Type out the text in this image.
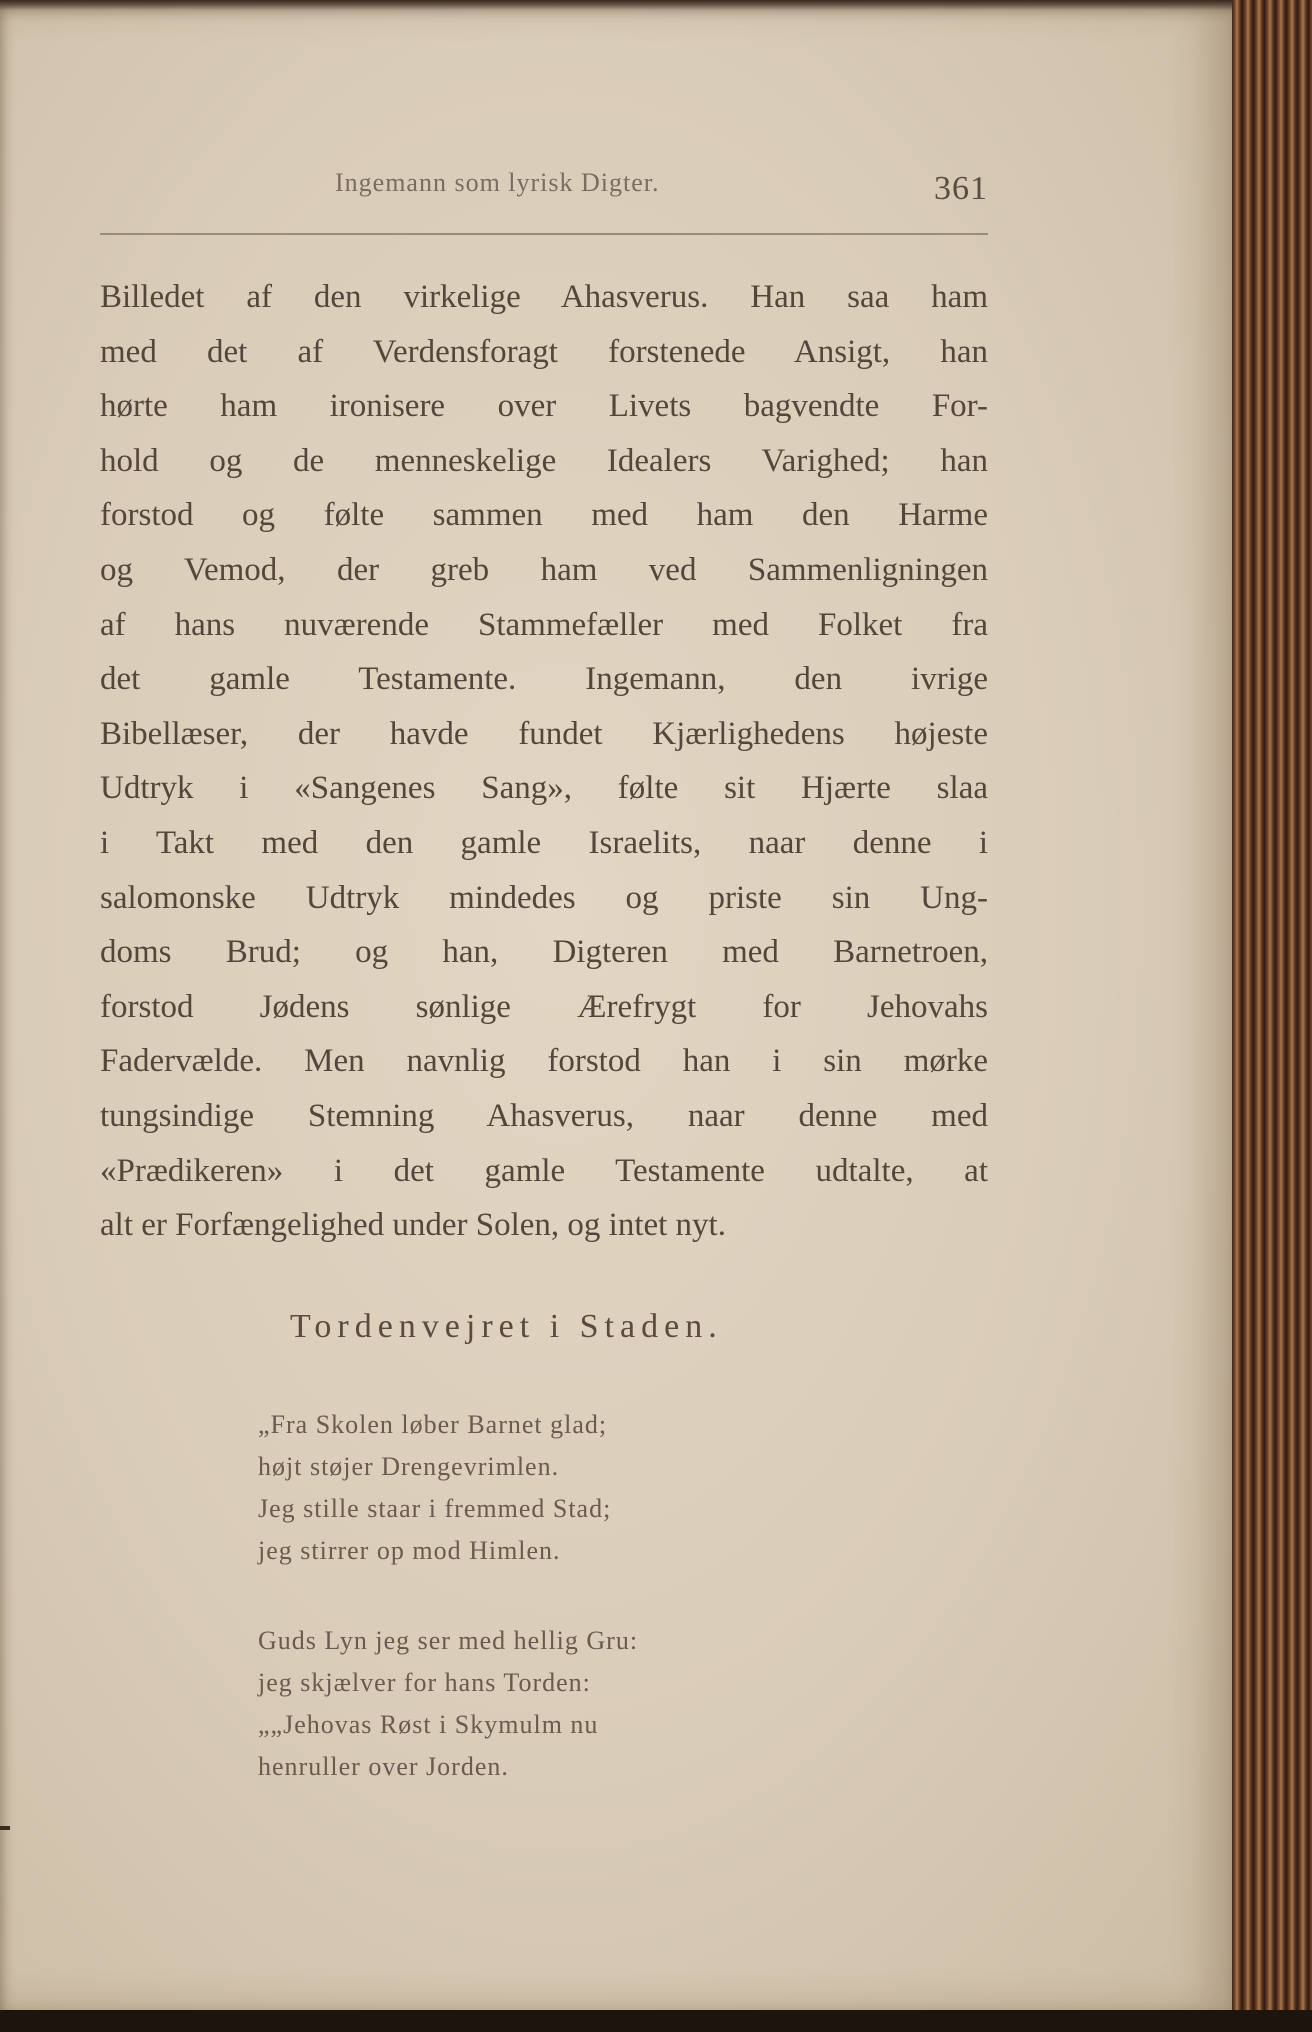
Ingemann som lyrisk Digter.	361
Billedet af den virkelige Ahasverus. Han saa ham
med det af Verdensforagt forstenede Ansigt, han
hørte ham ironisere over Livets bagvendte For-
hold og de menneskelige Idealers Varighed; han
forstod og følte sammen med ham den Harme
og Vemod, der greb ham ved Sammenligningen
af hans nuværende Stammefæller med Folket fra
det gamle Testamente. Ingemann, den ivrige
Bibellæser, der havde fundet Kjærlighedens højeste
Udtryk i «Sangenes Sang», følte sit Hjærte slaa
i Takt med den gamle Israelits, naar denne i
salomonske Udtryk mindedes og priste sin Ung-
doms Brud; og han, Digteren med Barnetroen,
forstod Jødens sønlige Ærefrygt for Jehovahs
Fadervælde. Men navnlig forstod han i sin mørke
tungsindige Stemning Ahasverus, naar denne med
«Prædikeren» i det gamle Testamente udtalte, at
alt er Forfængelighed under Solen, og intet nyt.
Tordenvejret i Staden.
„Fra Skolen løber Barnet glad;
højt støjer Drengevrimlen.
Jeg stille staar i fremmed Stad;
jeg stirrer op mod Himlen.
Guds Lyn jeg ser med hellig Gru:
jeg skjælver for hans Torden:
„„Jehovas Røst i Skymulm nu
henruller over Jorden.
